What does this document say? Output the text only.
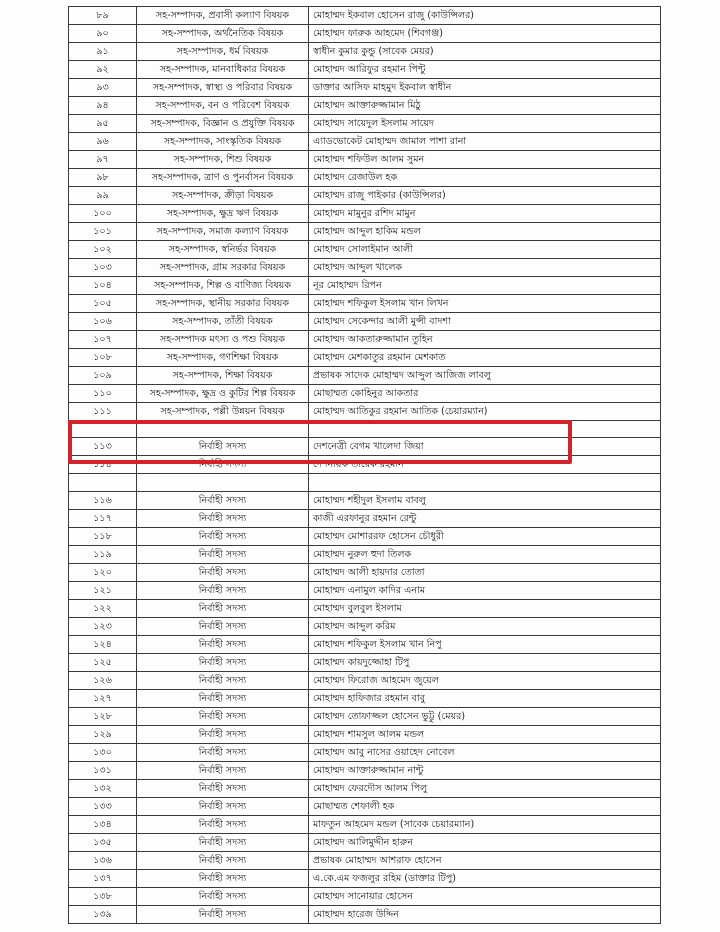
৮৯	সহ-সম্পাদক, প্রবাসী কল্যাণ বিষয়ক	মোহাম্মদ ইকবাল হোসেন রাজু (কাউন্সিলর)
৯০	সহ-সম্পাদক, অর্থনৈতিক বিষয়ক	মোহাম্মদ ফারুক আহমেদ (শিবগঞ্জ)
৯১	সহ-সম্পাদক, ধর্ম বিষয়ক	স্বাধীন কুমার কুন্ডু (সাবেক মেয়র)
৯২	সহ-সম্পাদক, মানবাধিকার বিষয়ক	মোহাম্মদ আরিফুর রহমান পিন্টু
৯৩	সহ-সম্পাদক, স্বাস্থ্য ও পরিবার বিষয়ক	ডাক্তার আসিফ মাহমুদ ইকবাল স্বাধীন
৯৪	সহ-সম্পাদক, বন ও পরিবেশ বিষয়ক	মোহাম্মদ আক্তারুজ্জামান মিঠু
৯৫	সহ-সম্পাদক, বিজ্ঞান ও প্রযুক্তি বিষয়ক	মোহাম্মদ সায়েদুল ইসলাম সায়েদ
৯৬	সহ-সম্পাদক, সাংস্কৃতিক বিষয়ক	এ্যাডভোকেট মোহাম্মদ জামাল পাশা রানা
৯৭	সহ-সম্পাদক, শিশু বিষয়ক	মোহাম্মদ শফিউল আলম সুমন
৯৮	সহ-সম্পাদক, ত্রাণ ও পুনর্বাসন বিষয়ক	মোহাম্মদ রেজাউল হক
৯৯	সহ-সম্পাদক, ক্রীড়া বিষয়ক	মোহাম্মদ রাজু পাইকার (কাউন্সিলর)
১০০	সহ-সম্পাদক, ক্ষুদ্র ঋণ বিষয়ক	মোহাম্মদ মামুনুর রশিদ মামুন
১০১	সহ-সম্পাদক, সমাজ কল্যাণ বিষয়ক	মোহাম্মদ আব্দুল হাকিম মন্ডল
১০২	সহ-সম্পাদক, স্বনির্ভর বিষয়ক	মোহাম্মদ সোলাইমান আলী
১০৩	সহ-সম্পাদক, গ্রাম সরকার বিষয়ক	মোহাম্মদ আব্দুল খালেক
১০৪	সহ-সম্পাদক, শিল্প ও বাণিজ্য বিষয়ক	নূর মোহাম্মদ রিপন
১০৫	সহ-সম্পাদক, স্থানীয় সরকার বিষয়ক	মোহাম্মদ শফিকুল ইসলাম খান লিখন
১০৬	সহ-সম্পাদক, তাঁতী বিষয়ক	মোহাম্মদ সেকেন্দার আলী মুন্সী বাদশা
১০৭	সহ-সম্পাদক মৎস্য ও পশু বিষয়ক	মোহাম্মদ আকতারুজ্জামান তুহিন
১০৮	সহ-সম্পাদক, গণশিক্ষা বিষয়ক	মোহাম্মদ মেশকাতুর রহমান মেশকাত
১০৯	সহ-সম্পাদক, শিক্ষা বিষয়ক	প্রভাষক সাদেক মোহাম্মদ আব্দুল আজিজ লাবলু
১১০	সহ-সম্পাদক, ক্ষুদ্র ও কুটির শিল্প বিষয়ক	মোছাম্মত কোহিনুর আকতার
১১১	সহ-সম্পাদক, পল্লী উন্নয়ন বিষয়ক	মোহাম্মদ আতিকুর রহমান আতিক (চেয়ারম্যান)

১১৩	নির্বাহী সদস্য	দেশনেত্রী বেগম খালেদা জিয়া
১১৪	নির্বাহী সদস্য	দেশনায়ক তারেক রহমান

১১৬	নির্বাহী সদস্য	মোহাম্মদ শহীদুল ইসলাম বাবলু
১১৭	নির্বাহী সদস্য	কাজী এরফানুর রহমান রেন্টু
১১৮	নির্বাহী সদস্য	মোহাম্মদ মোশাররফ হোসেন চৌধুরী
১১৯	নির্বাহী সদস্য	মোহাম্মদ নুরুল হুদা তিলক
১২০	নির্বাহী সদস্য	মোহাম্মদ আলী হায়দার তোতা
১২১	নির্বাহী সদস্য	মোহাম্মদ এনামুল কাদির এনাম
১২২	নির্বাহী সদস্য	মোহাম্মদ বুলবুল ইসলাম
১২৩	নির্বাহী সদস্য	মোহাম্মদ আব্দুল করিম
১২৪	নির্বাহী সদস্য	মোহাম্মদ শফিকুল ইসলাম খান নিপু
১২৫	নির্বাহী সদস্য	মোহাম্মদ কায়দুজ্জোহা টিপু
১২৬	নির্বাহী সদস্য	মোহাম্মদ ফিরোজ আহমেদ জুয়েল
১২৭	নির্বাহী সদস্য	মোহাম্মদ হাফিজার রহমান বাবু
১২৮	নির্বাহী সদস্য	মোহাম্মদ তোফাজ্জল হোসেন ভুট্টু (মেয়র)
১২৯	নির্বাহী সদস্য	মোহাম্মদ শামসুল আলম মন্ডল
১৩০	নির্বাহী সদস্য	মোহাম্মদ আবু নাসের ওয়াহেদ নোবেল
১৩১	নির্বাহী সদস্য	মোহাম্মদ আক্তারুজ্জামান নান্টু
১৩২	নির্বাহী সদস্য	মোহাম্মদ ফেরদৌস আলম পিলু
১৩৩	নির্বাহী সদস্য	মোছাম্মত শেফালী হক
১৩৪	নির্বাহী সদস্য	মাফতুন আহমেদ মন্ডল (সাবেক চেয়ারম্যান)
১৩৫	নির্বাহী সদস্য	মোহাম্মদ আলিমুদ্দীন হারুন
১৩৬	নির্বাহী সদস্য	প্রভাষক মোহাম্মদ আশরাফ হোসেন
১৩৭	নির্বাহী সদস্য	এ.কে.এম ফজলুর রহিম (ডাক্তার টিপু)
১৩৮	নির্বাহী সদস্য	মোহাম্মদ সানোয়ার হোসেন
১৩৯	নির্বাহী সদস্য	মোহাম্মদ হারেজ উদ্দিন
